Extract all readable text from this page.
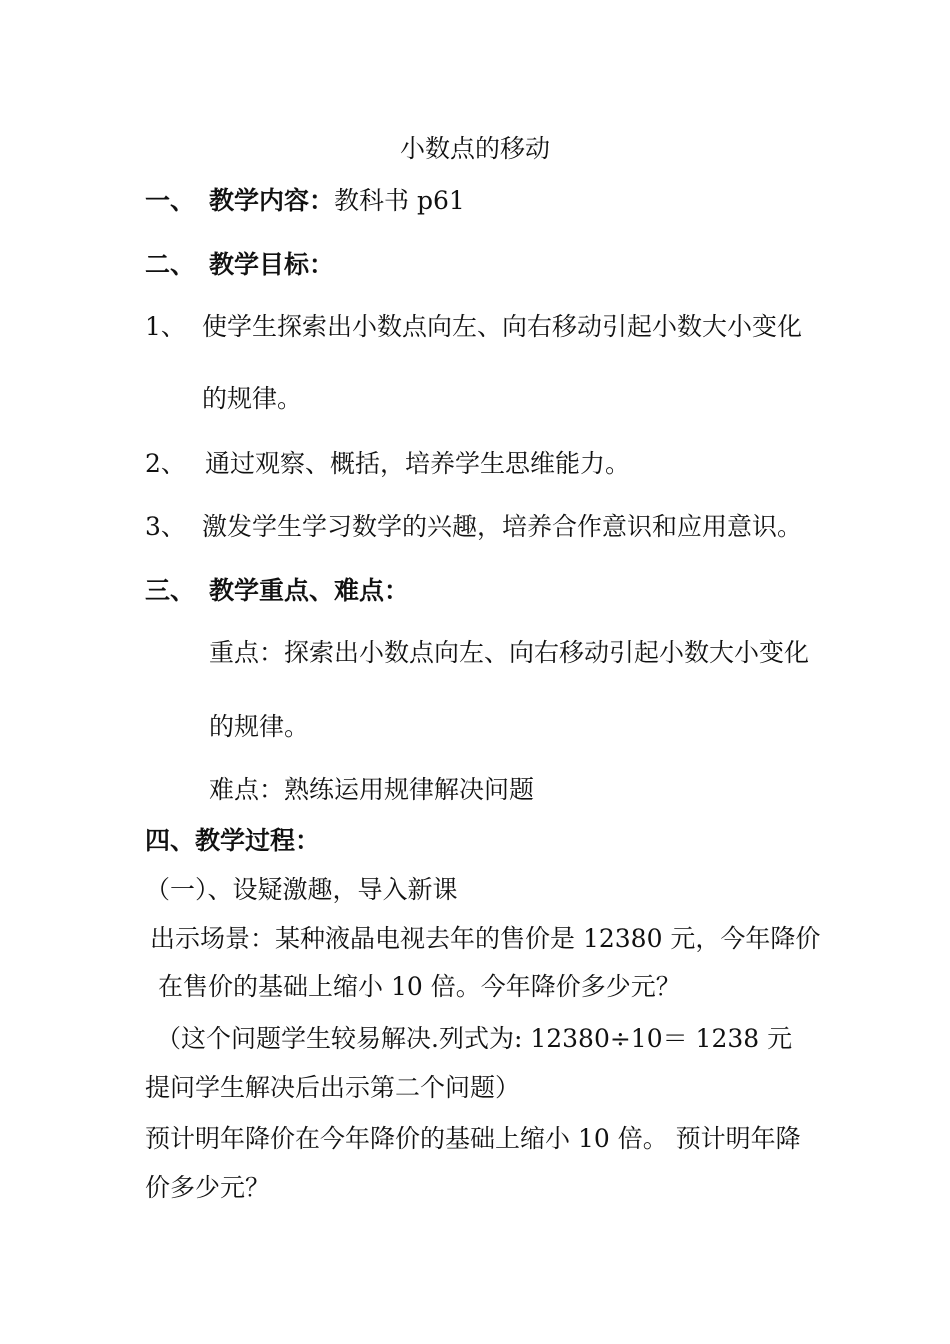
小数点的移动
一、 教学内容：教科书 p61
二、 教学目标：
1、 使学生探索出小数点向左、向右移动引起小数大小变化
的规律。
2、 通过观察、概括，培养学生思维能力。
3、 激发学生学习数学的兴趣，培养合作意识和应用意识。
三、 教学重点、难点：
重点：探索出小数点向左、向右移动引起小数大小变化
的规律。
难点：熟练运用规律解决问题
四、教学过程：
（一）、设疑激趣，导入新课
出示场景：某种液晶电视去年的售价是 12380 元，今年降价
在售价的基础上缩小 10 倍。今年降价多少元？
（这个问题学生较易解决.列式为: 12380÷10＝ 1238 元
提问学生解决后出示第二个问题）
预计明年降价在今年降价的基础上缩小 10 倍。 预计明年降
价多少元？
